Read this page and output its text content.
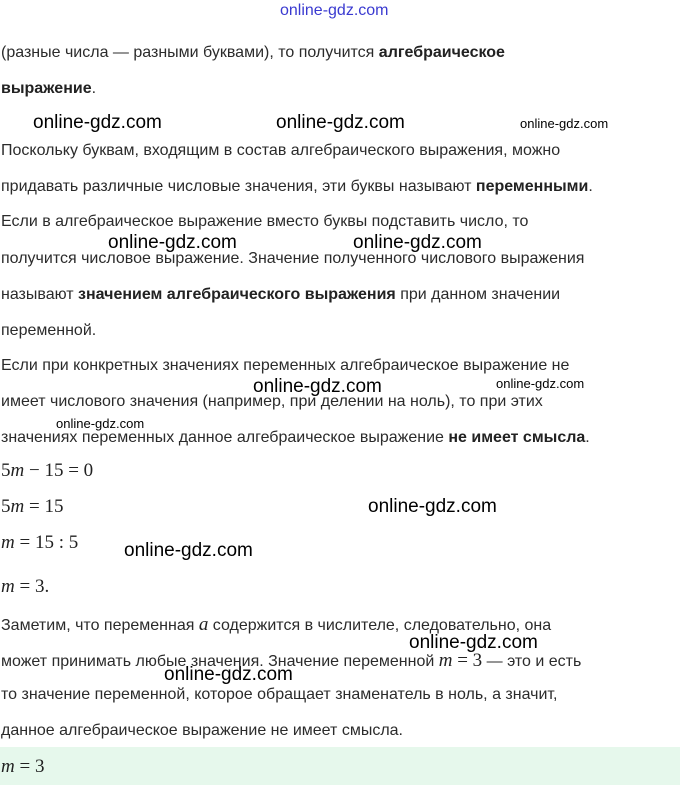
online-gdz.com
online-gdz.com	online-gdz.com	online-gdz.com
online-gdz.com	online-gdz.com
online-gdz.com	online-gdz.com
online-gdz.com
online-gdz.com
online-gdz.com
online-gdz.com
online-gdz.com
(разные числа — разными буквами), то получится алгебраическое
выражение.
Поскольку буквам, входящим в состав алгебраического выражения, можно
придавать различные числовые значения, эти буквы называют переменными.
Если в алгебраическое выражение вместо буквы подставить число, то
получится числовое выражение. Значение полученного числового выражения
называют значением алгебраического выражения при данном значении
переменной.
Если при конкретных значениях переменных алгебраическое выражение не
имеет числового значения (например, при делении на ноль), то при этих
значениях переменных данное алгебраическое выражение не имеет смысла.
5m − 15 = 0
5m = 15
m = 15 : 5
m = 3.
Заметим, что переменная a содержится в числителе, следовательно, она
может принимать любые значения. Значение переменной m = 3 — это и есть
то значение переменной, которое обращает знаменатель в ноль, а значит,
данное алгебраическое выражение не имеет смысла.
m = 3
